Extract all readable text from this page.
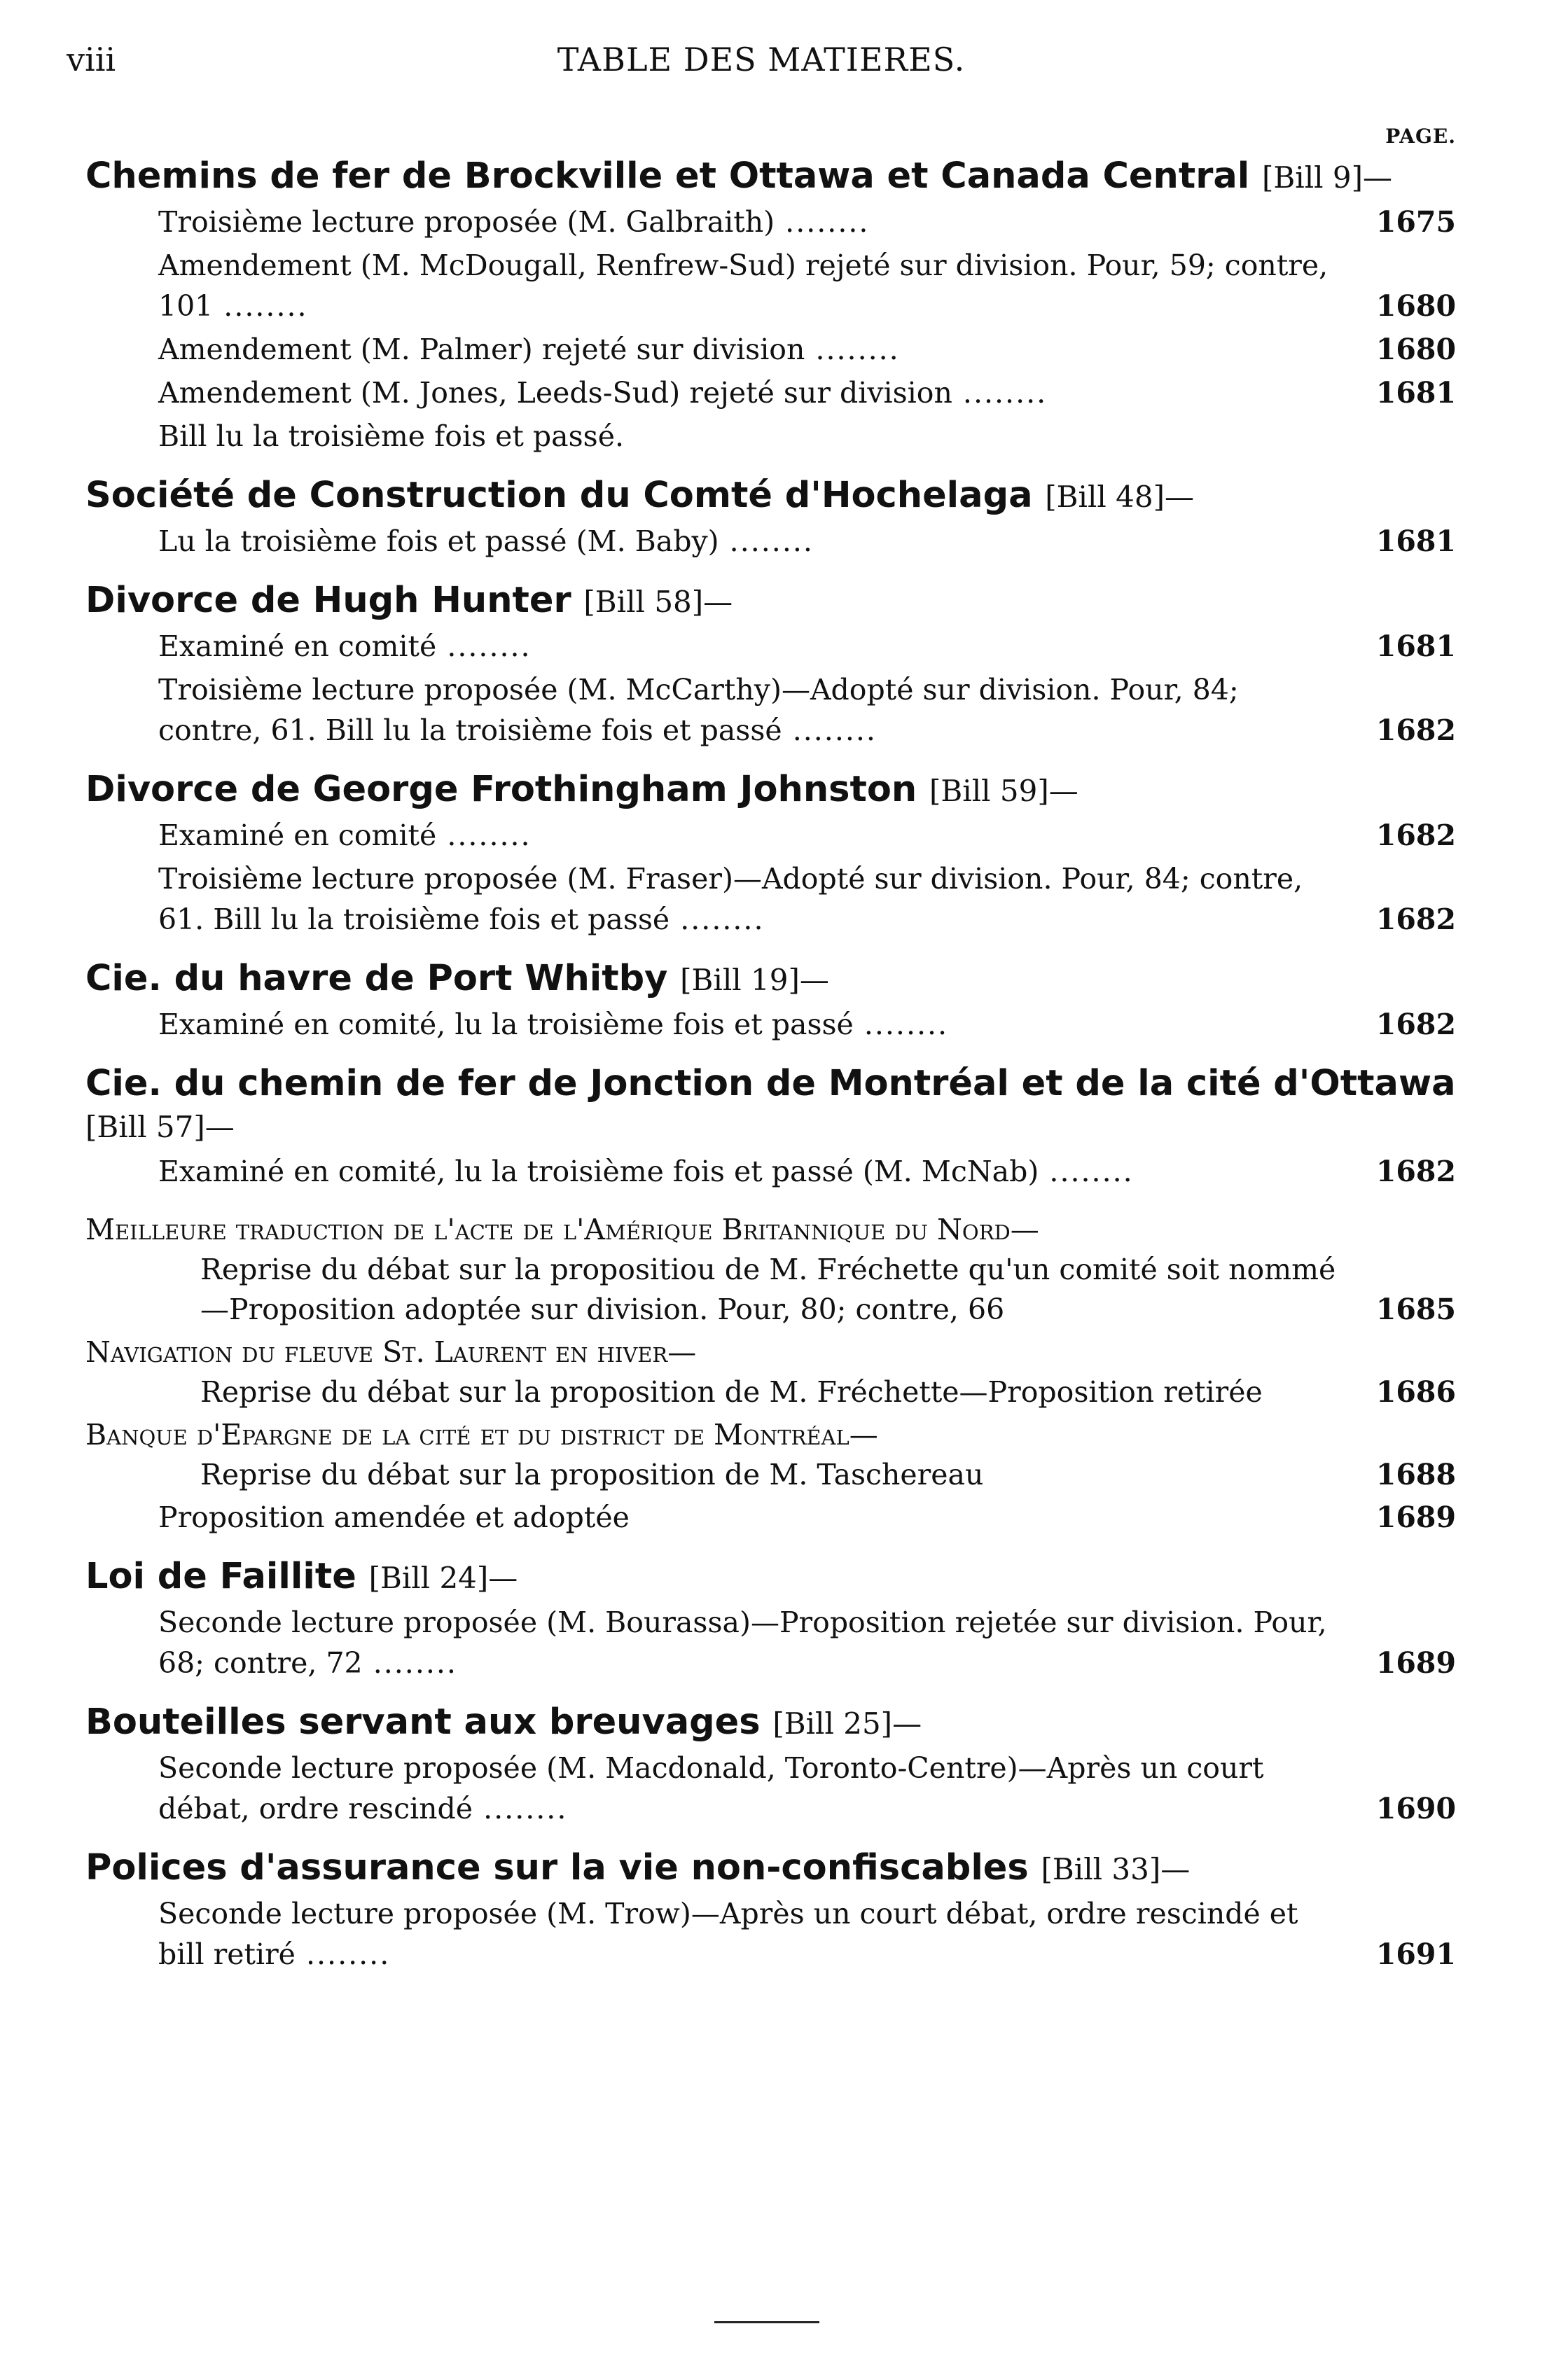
viii	TABLE DES MATIERES.
PAGE.
Chemins de fer de Brockville et Ottawa et Canada Central [Bill 9]—
Troisième lecture proposée (M. Galbraith) ........	1675
Amendement (M. McDougall, Renfrew-Sud) rejeté sur division. Pour, 59; contre, 101 ........	1680
Amendement (M. Palmer) rejeté sur division ........	1680
Amendement (M. Jones, Leeds-Sud) rejeté sur division ........	1681
Bill lu la troisième fois et passé.
Société de Construction du Comté d'Hochelaga [Bill 48]—
Lu la troisième fois et passé (M. Baby) ........	1681
Divorce de Hugh Hunter [Bill 58]—
Examiné en comité ........	1681
Troisième lecture proposée (M. McCarthy)—Adopté sur division. Pour, 84; contre, 61. Bill lu la troisième fois et passé ........	1682
Divorce de George Frothingham Johnston [Bill 59]—
Examiné en comité ........	1682
Troisième lecture proposée (M. Fraser)—Adopté sur division. Pour, 84; contre, 61. Bill lu la troisième fois et passé ........	1682
Cie. du havre de Port Whitby [Bill 19]—
Examiné en comité, lu la troisième fois et passé ........	1682
Cie. du chemin de fer de Jonction de Montréal et de la cité d'Ottawa [Bill 57]—
Examiné en comité, lu la troisième fois et passé (M. McNab) ........	1682
Meilleure traduction de l'acte de l'Amérique Britannique du Nord—
Reprise du débat sur la propositiou de M. Fréchette qu'un comité soit nommé—Proposition adoptée sur division. Pour, 80; contre, 66	1685
Navigation du fleuve St. Laurent en hiver—
Reprise du débat sur la proposition de M. Fréchette—Proposition retirée	1686
Banque d'Epargne de la cité et du district de Montréal—
Reprise du débat sur la proposition de M. Taschereau	1688
Proposition amendée et adoptée	1689
Loi de Faillite [Bill 24]—
Seconde lecture proposée (M. Bourassa)—Proposition rejetée sur division. Pour, 68; contre, 72 ........	1689
Bouteilles servant aux breuvages [Bill 25]—
Seconde lecture proposée (M. Macdonald, Toronto-Centre)—Après un court débat, ordre rescindé ........	1690
Polices d'assurance sur la vie non-confiscables [Bill 33]—
Seconde lecture proposée (M. Trow)—Après un court débat, ordre rescindé et bill retiré ........	1691
